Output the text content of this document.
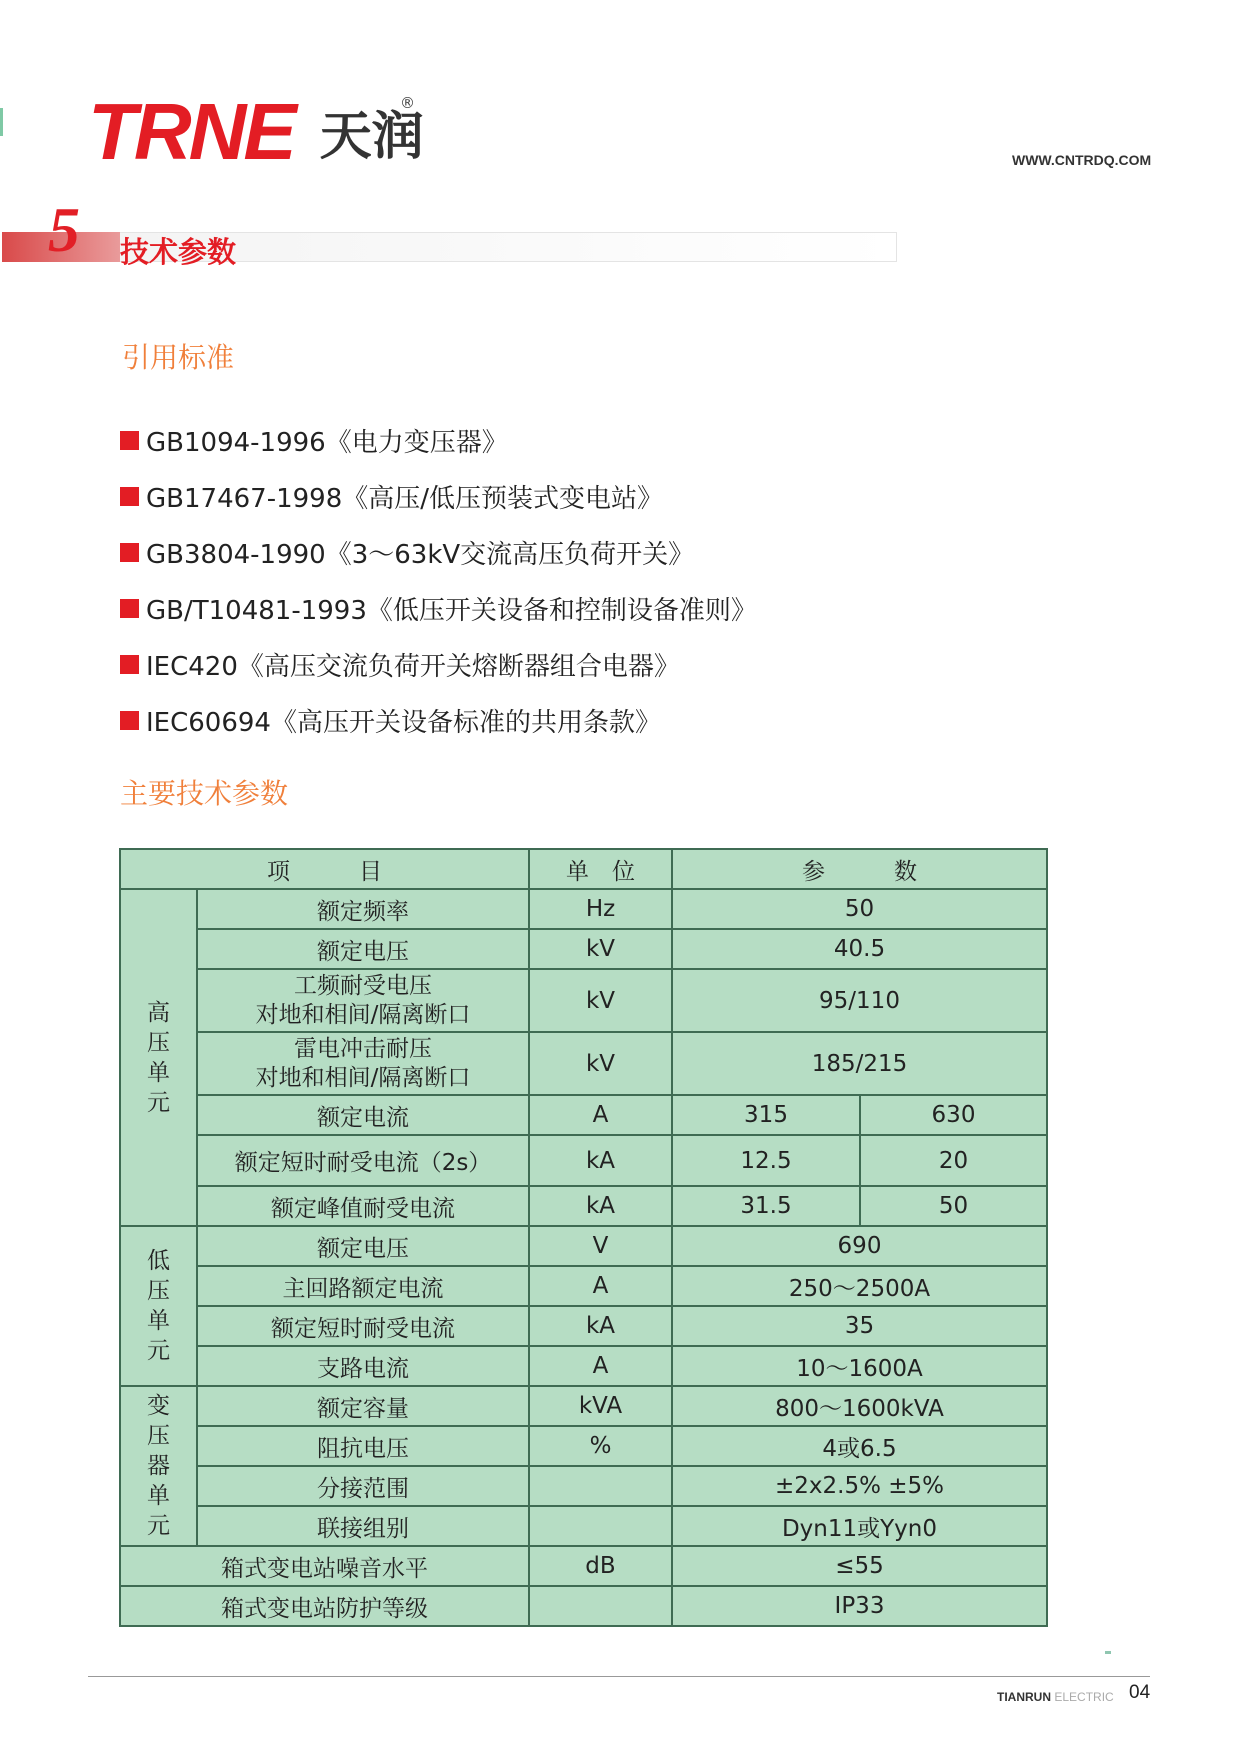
TRNE	®
天润	WWW.CNTRDQ.COM
5 技术参数
引用标准
GB1094-1996《电力变压器》
GB17467-1998《高压/低压预装式变电站》
GB3804-1990《3～63kV交流高压负荷开关》
GB/T10481-1993《低压开关设备和控制设备准则》
IEC420《高压交流负荷开关熔断器组合电器》
IEC60694《高压开关设备标准的共用条款》
主要技术参数
项　　　目		单　位	参　　　数	

高
压
单
元	额定频率	Hz	50	
	额定电压	kV	40.5	

	工频耐受电压
对地和相间/隔离断口	kV	95/110	

	雷电冲击耐压
对地和相间/隔离断口	kV	185/215	
	额定电流	A	315	630
	额定短时耐受电流（2s）	kA	12.5	20
	额定峰值耐受电流	kA	31.5	50

低
压
单
元	额定电压	V	690	
	主回路额定电流	A	250～2500A	
	额定短时耐受电流	kA	35	
	支路电流	A	10～1600A	

变
压
器
单
元	额定容量	kVA	800～1600kVA	
	阻抗电压	%	4或6.5	
	分接范围		±2x2.5% ±5%	
	联接组别		Dyn11或Yyn0	
箱式变电站噪音水平		dB	≤55	
箱式变电站防护等级			IP33	
TIANRUN ELECTRIC 04
